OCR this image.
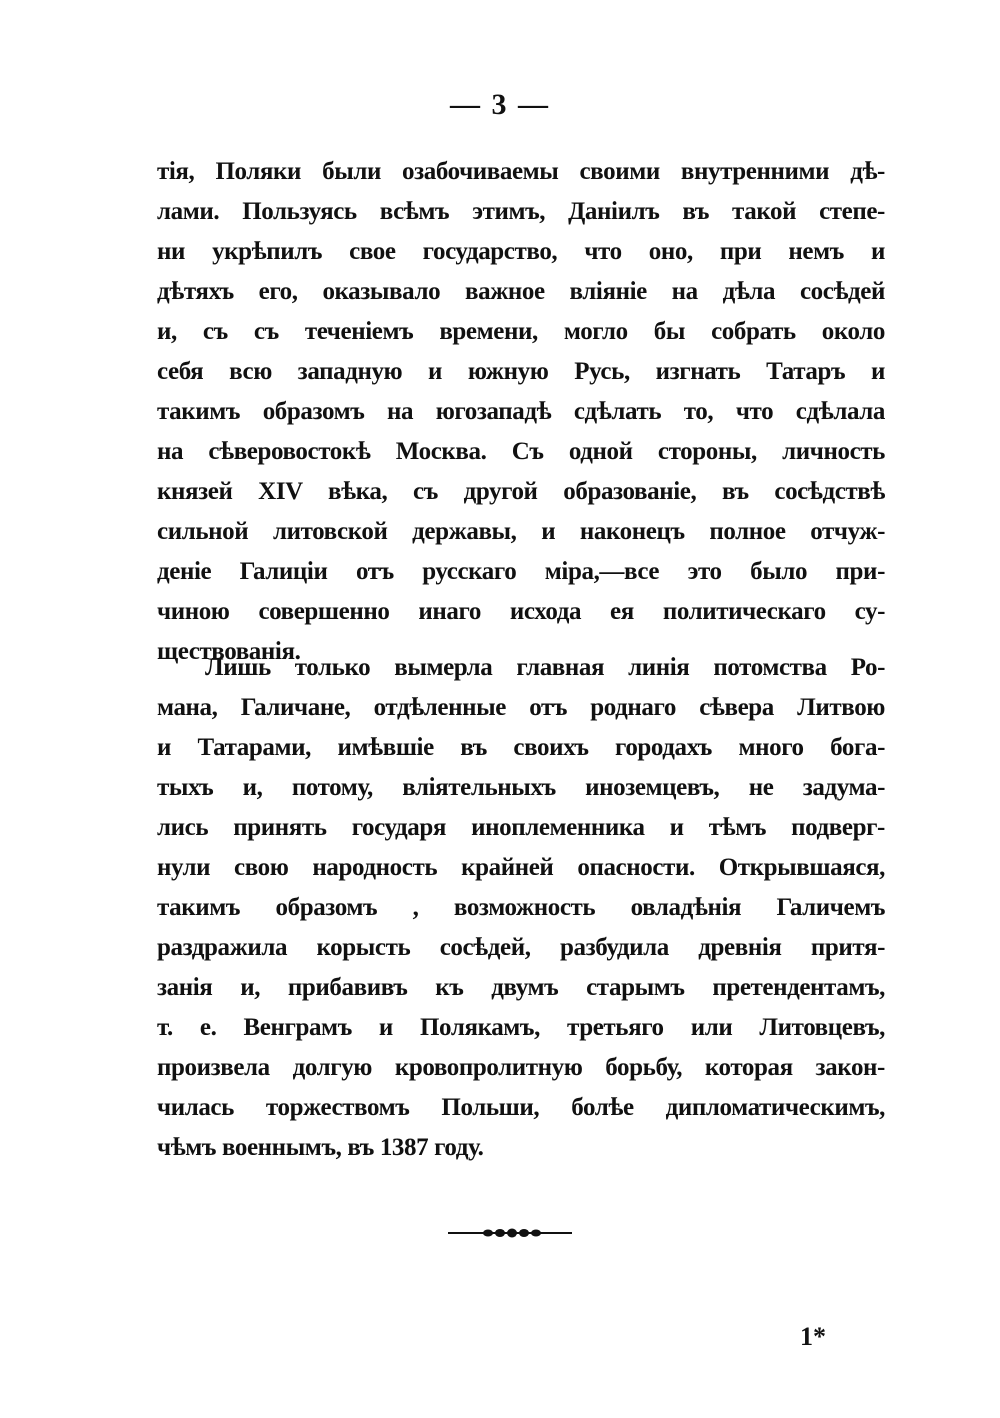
— 3 —
тія, Поляки были озабочиваемы своими внутренними дѣ-
лами. Пользуясь всѣмъ этимъ, Даніилъ въ такой степе-
ни укрѣпилъ свое государство, что оно, при немъ и
дѣтяхъ его, оказывало важное вліяніе на дѣла сосѣдей
и, съ съ теченіемъ времени, могло бы собрать около
себя всю западную и южную Русь, изгнать Татаръ и
такимъ образомъ на югозападѣ сдѣлать то, что сдѣлала
на сѣверовостокѣ Москва. Съ одной стороны, личность
князей XIV вѣка, съ другой образованіе, въ сосѣдствѣ
сильной литовской державы, и наконецъ полное отчуж-
деніе Галиціи отъ русскаго міра,—все это было при-
чиною совершенно инаго исхода ея политическаго су-
ществованія.
Лишь только вымерла главная линія потомства Ро-
мана, Галичане, отдѣленные отъ роднаго сѣвера Литвою
и Татарами, имѣвшіе въ своихъ городахъ много бога-
тыхъ и, потому, вліятельныхъ иноземцевъ, не задума-
лись принять государя иноплеменника и тѣмъ подверг-
нули свою народность крайней опасности. Открывшаяся,
такимъ образомъ , возможность овладѣнія Галичемъ
раздражила корысть сосѣдей, разбудила древнія притя-
занія и, прибавивъ къ двумъ старымъ претендентамъ,
т. е. Венграмъ и Полякамъ, третьяго или Литовцевъ,
произвела долгую кровопролитную борьбу, которая закон-
чилась торжествомъ Польши, болѣе дипломатическимъ,
чѣмъ военнымъ, въ 1387 году.
1*
